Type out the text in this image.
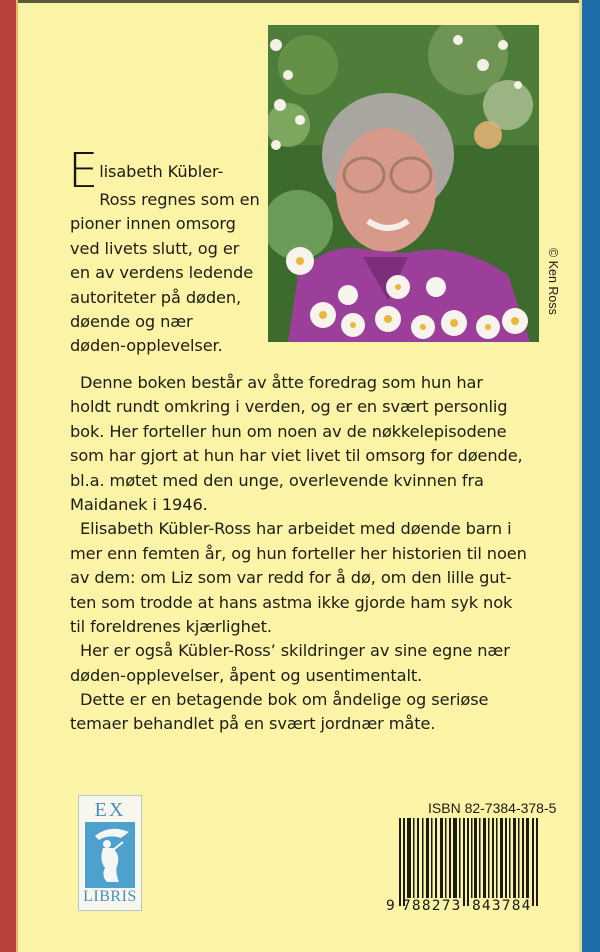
© Ken Ross
E lisabeth Kübler-
Ross regnes som en
pioner innen omsorg
ved livets slutt, og er
en av verdens ledende
autoriteter på døden,
døende og nær
døden-opplevelser.
Denne boken består av åtte foredrag som hun har
holdt rundt omkring i verden, og er en svært personlig
bok. Her forteller hun om noen av de nøkkelepisodene
som har gjort at hun har viet livet til omsorg for døende,
bl.a. møtet med den unge, overlevende kvinnen fra
Maidanek i 1946.
Elisabeth Kübler-Ross har arbeidet med døende barn i
mer enn femten år, og hun forteller her historien til noen
av dem: om Liz som var redd for å dø, om den lille gut-
ten som trodde at hans astma ikke gjorde ham syk nok
til foreldrenes kjærlighet.
Her er også Kübler-Ross’ skildringer av sine egne nær
døden-opplevelser, åpent og usentimentalt.
Dette er en betagende bok om åndelige og seriøse
temaer behandlet på en svært jordnær måte.
EX
LIBRIS
ISBN 82-7384-378-5
9 788273 843784
